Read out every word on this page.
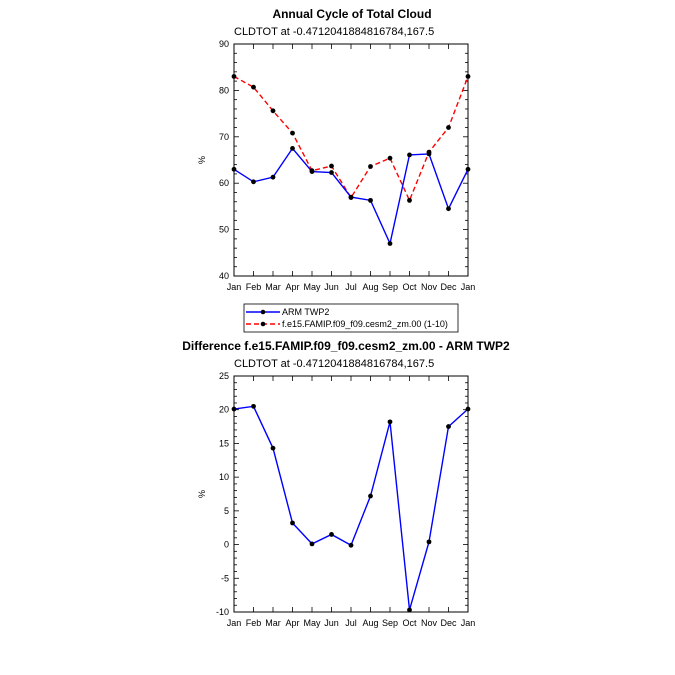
Annual Cycle of Total Cloud
CLDTOT at -0.4712041884816784,167.5
%
40
50
60
70
80
90
Jan Feb Mar Apr May Jun Jul Aug Sep Oct Nov Dec Jan
ARM TWP2
f.e15.FAMIP.f09_f09.cesm2_zm.00 (1-10)
Difference f.e15.FAMIP.f09_f09.cesm2_zm.00 - ARM TWP2
CLDTOT at -0.4712041884816784,167.5
%
-10
-5
0
5
10
15
20
25
Jan Feb Mar Apr May Jun Jul Aug Sep Oct Nov Dec Jan
